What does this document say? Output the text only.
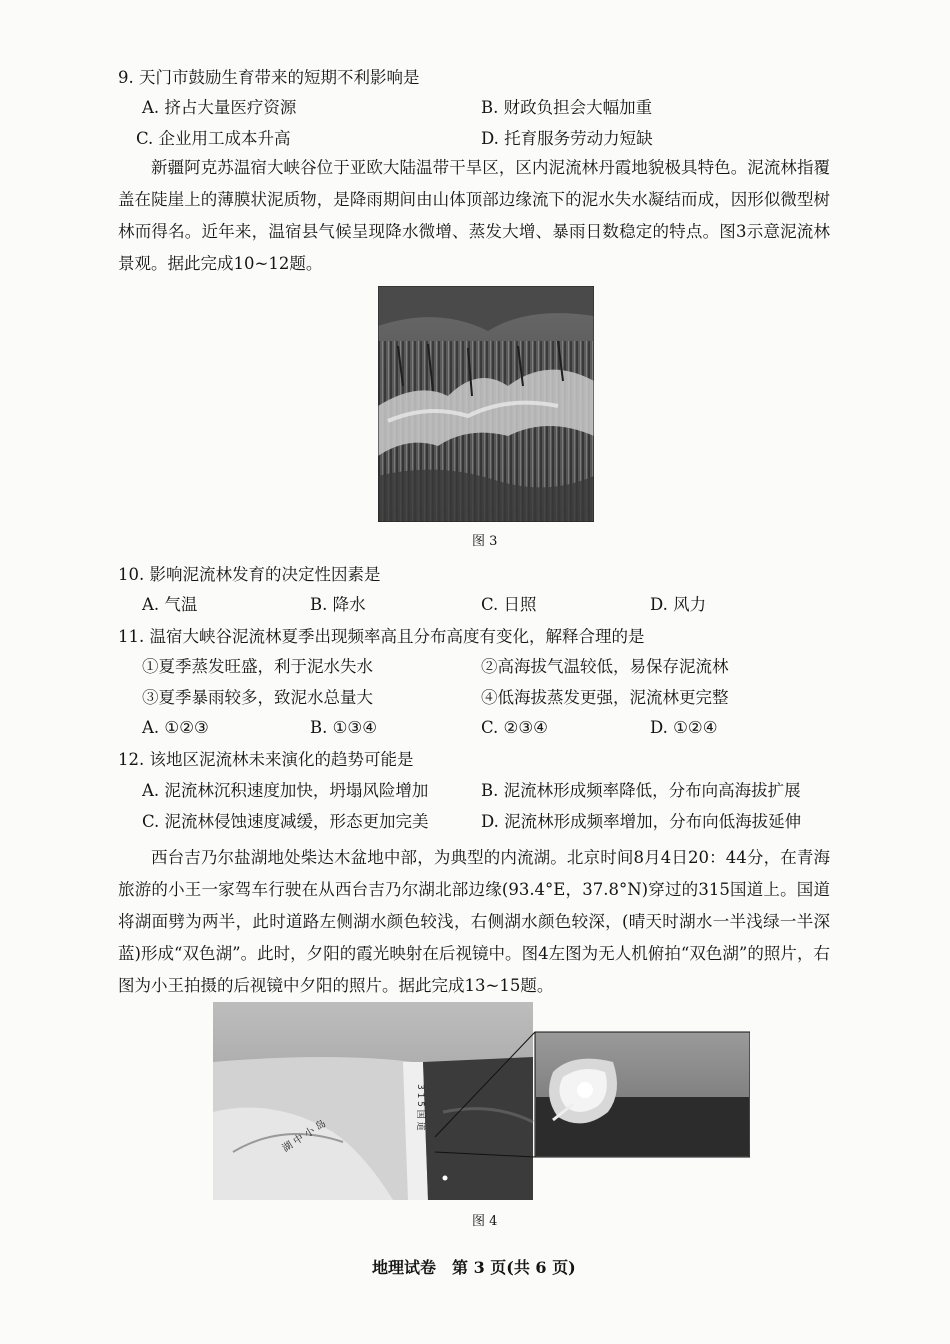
9. 天门市鼓励生育带来的短期不利影响是
A. 挤占大量医疗资源	B. 财政负担会大幅加重
C. 企业用工成本升高	D. 托育服务劳动力短缺
新疆阿克苏温宿大峡谷位于亚欧大陆温带干旱区，区内泥流林丹霞地貌极具特色。泥流林指覆盖在陡崖上的薄膜状泥质物，是降雨期间由山体顶部边缘流下的泥水失水凝结而成，因形似微型树林而得名。近年来，温宿县气候呈现降水微增、蒸发大增、暴雨日数稳定的特点。图3示意泥流林景观。据此完成10~12题。
图 3
10. 影响泥流林发育的决定性因素是
A. 气温	B. 降水	C. 日照	D. 风力
11. 温宿大峡谷泥流林夏季出现频率高且分布高度有变化，解释合理的是
①夏季蒸发旺盛，利于泥水失水	②高海拔气温较低，易保存泥流林
③夏季暴雨较多，致泥水总量大	④低海拔蒸发更强，泥流林更完整
A. ①②③	B. ①③④	C. ②③④	D. ①②④
12. 该地区泥流林未来演化的趋势可能是
A. 泥流林沉积速度加快，坍塌风险增加	B. 泥流林形成频率降低，分布向高海拔扩展
C. 泥流林侵蚀速度减缓，形态更加完美	D. 泥流林形成频率增加，分布向低海拔延伸
西台吉乃尔盐湖地处柴达木盆地中部，为典型的内流湖。北京时间8月4日20：44分，在青海旅游的小王一家驾车行驶在从西台吉乃尔湖北部边缘(93.4°E，37.8°N)穿过的315国道上。国道将湖面劈为两半，此时道路左侧湖水颜色较浅，右侧湖水颜色较深，(晴天时湖水一半浅绿一半深蓝)形成“双色湖”。此时，夕阳的霞光映射在后视镜中。图4左图为无人机俯拍“双色湖”的照片，右图为小王拍摄的后视镜中夕阳的照片。据此完成13~15题。
湖 中 小 岛
3 1 5 国 道
图 4
地理试卷　第 3 页(共 6 页)
